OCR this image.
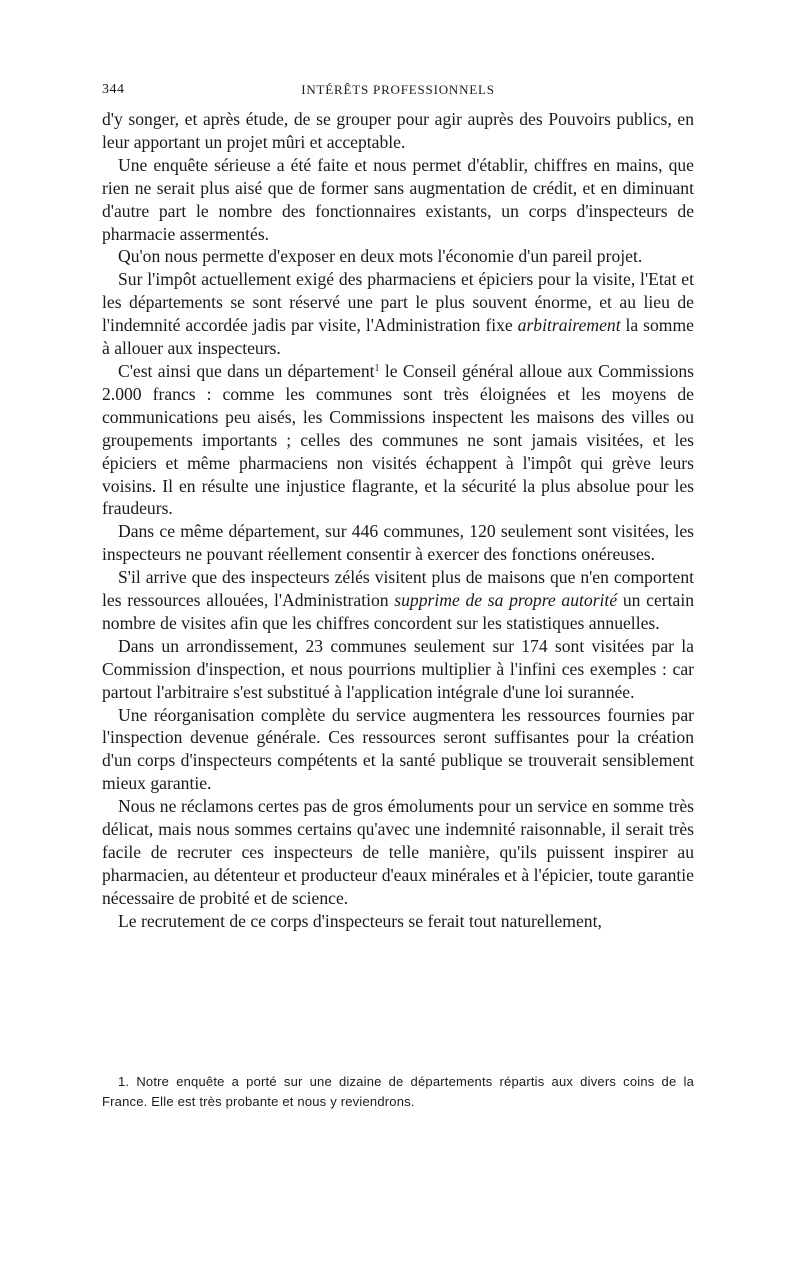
344	INTÉRÊTS PROFESSIONNELS

d'y songer, et après étude, de se grouper pour agir auprès des Pouvoirs publics, en leur apportant un projet mûri et acceptable.

Une enquête sérieuse a été faite et nous permet d'établir, chiffres en mains, que rien ne serait plus aisé que de former sans augmentation de crédit, et en diminuant d'autre part le nombre des fonctionnaires existants, un corps d'inspecteurs de pharmacie assermentés.

Qu'on nous permette d'exposer en deux mots l'économie d'un pareil projet.

Sur l'impôt actuellement exigé des pharmaciens et épiciers pour la visite, l'Etat et les départements se sont réservé une part le plus souvent énorme, et au lieu de l'indemnité accordée jadis par visite, l'Administration fixe arbitrairement la somme à allouer aux inspecteurs.

C'est ainsi que dans un département$^1$ le Conseil général alloue aux Commissions 2.000 francs : comme les communes sont très éloignées et les moyens de communications peu aisés, les Commissions inspectent les maisons des villes ou groupements importants ; celles des communes ne sont jamais visitées, et les épiciers et même pharmaciens non visités échappent à l'impôt qui grève leurs voisins. Il en résulte une injustice flagrante, et la sécurité la plus absolue pour les fraudeurs.

Dans ce même département, sur 446 communes, 120 seulement sont visitées, les inspecteurs ne pouvant réellement consentir à exercer des fonctions onéreuses.

S'il arrive que des inspecteurs zélés visitent plus de maisons que n'en comportent les ressources allouées, l'Administration supprime de sa propre autorité un certain nombre de visites afin que les chiffres concordent sur les statistiques annuelles.

Dans un arrondissement, 23 communes seulement sur 174 sont visitées par la Commission d'inspection, et nous pourrions multiplier à l'infini ces exemples : car partout l'arbitraire s'est substitué à l'application intégrale d'une loi surannée.

Une réorganisation complète du service augmentera les ressources fournies par l'inspection devenue générale. Ces ressources seront suffisantes pour la création d'un corps d'inspecteurs compétents et la santé publique se trouverait sensiblement mieux garantie.

Nous ne réclamons certes pas de gros émoluments pour un service en somme très délicat, mais nous sommes certains qu'avec une indemnité raisonnable, il serait très facile de recruter ces inspecteurs de telle manière, qu'ils puissent inspirer au pharmacien, au détenteur et producteur d'eaux minérales et à l'épicier, toute garantie nécessaire de probité et de science.

Le recrutement de ce corps d'inspecteurs se ferait tout naturellement,

1. Notre enquête a porté sur une dizaine de départements répartis aux divers coins de la France. Elle est très probante et nous y reviendrons.
